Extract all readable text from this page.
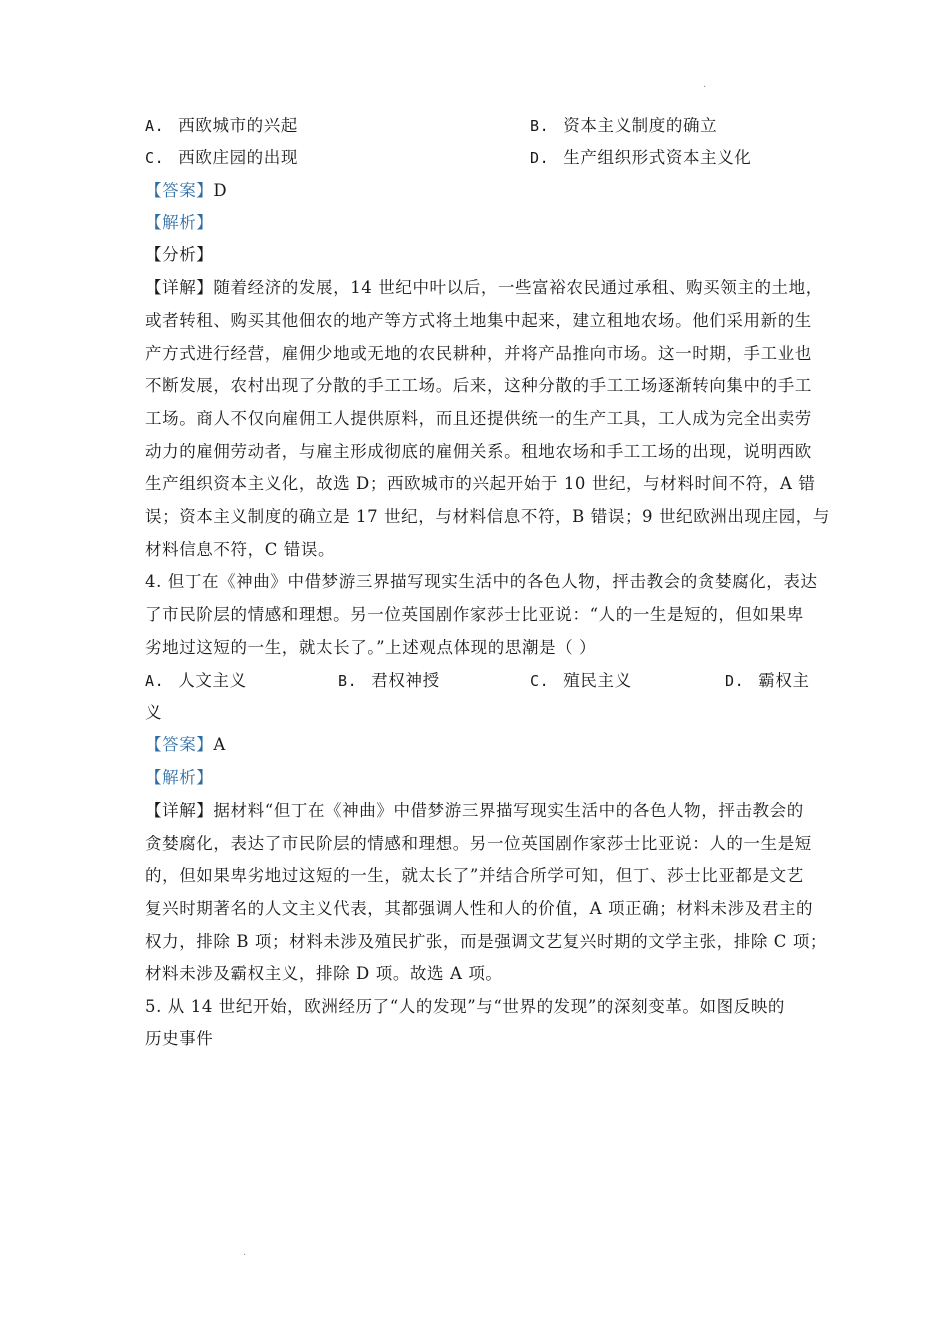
.
A. 西欧城市的兴起	B. 资本主义制度的确立
C. 西欧庄园的出现	D. 生产组织形式资本主义化
【答案】D
【解析】
【分析】
【详解】随着经济的发展，14 世纪中叶以后，一些富裕农民通过承租、购买领主的土地，
或者转租、购买其他佃农的地产等方式将土地集中起来，建立租地农场。他们采用新的生
产方式进行经营，雇佣少地或无地的农民耕种，并将产品推向市场。这一时期，手工业也
不断发展，农村出现了分散的手工工场。后来，这种分散的手工工场逐渐转向集中的手工
工场。商人不仅向雇佣工人提供原料，而且还提供统一的生产工具，工人成为完全出卖劳
动力的雇佣劳动者，与雇主形成彻底的雇佣关系。租地农场和手工工场的出现，说明西欧
生产组织资本主义化，故选 D；西欧城市的兴起开始于 10 世纪，与材料时间不符，A 错
误；资本主义制度的确立是 17 世纪，与材料信息不符，B 错误；9 世纪欧洲出现庄园，与
材料信息不符，C 错误。
4. 但丁在《神曲》中借梦游三界描写现实生活中的各色人物，抨击教会的贪婪腐化，表达
了市民阶层的情感和理想。另一位英国剧作家莎士比亚说：“人的一生是短的，但如果卑
劣地过这短的一生，就太长了。”上述观点体现的思潮是（ ）
A. 人文主义	B. 君权神授	C. 殖民主义	D. 霸权主
义
【答案】A
【解析】
【详解】据材料“但丁在《神曲》中借梦游三界描写现实生活中的各色人物，抨击教会的
贪婪腐化，表达了市民阶层的情感和理想。另一位英国剧作家莎士比亚说：人的一生是短
的，但如果卑劣地过这短的一生，就太长了”并结合所学可知，但丁、莎士比亚都是文艺
复兴时期著名的人文主义代表，其都强调人性和人的价值，A 项正确；材料未涉及君主的
权力，排除 B 项；材料未涉及殖民扩张，而是强调文艺复兴时期的文学主张，排除 C 项；
材料未涉及霸权主义，排除 D 项。故选 A 项。
5. 从 14 世纪开始，欧洲经历了“人的发现”与“世界的发现”的深刻变革。如图反映的
历史事件
.
